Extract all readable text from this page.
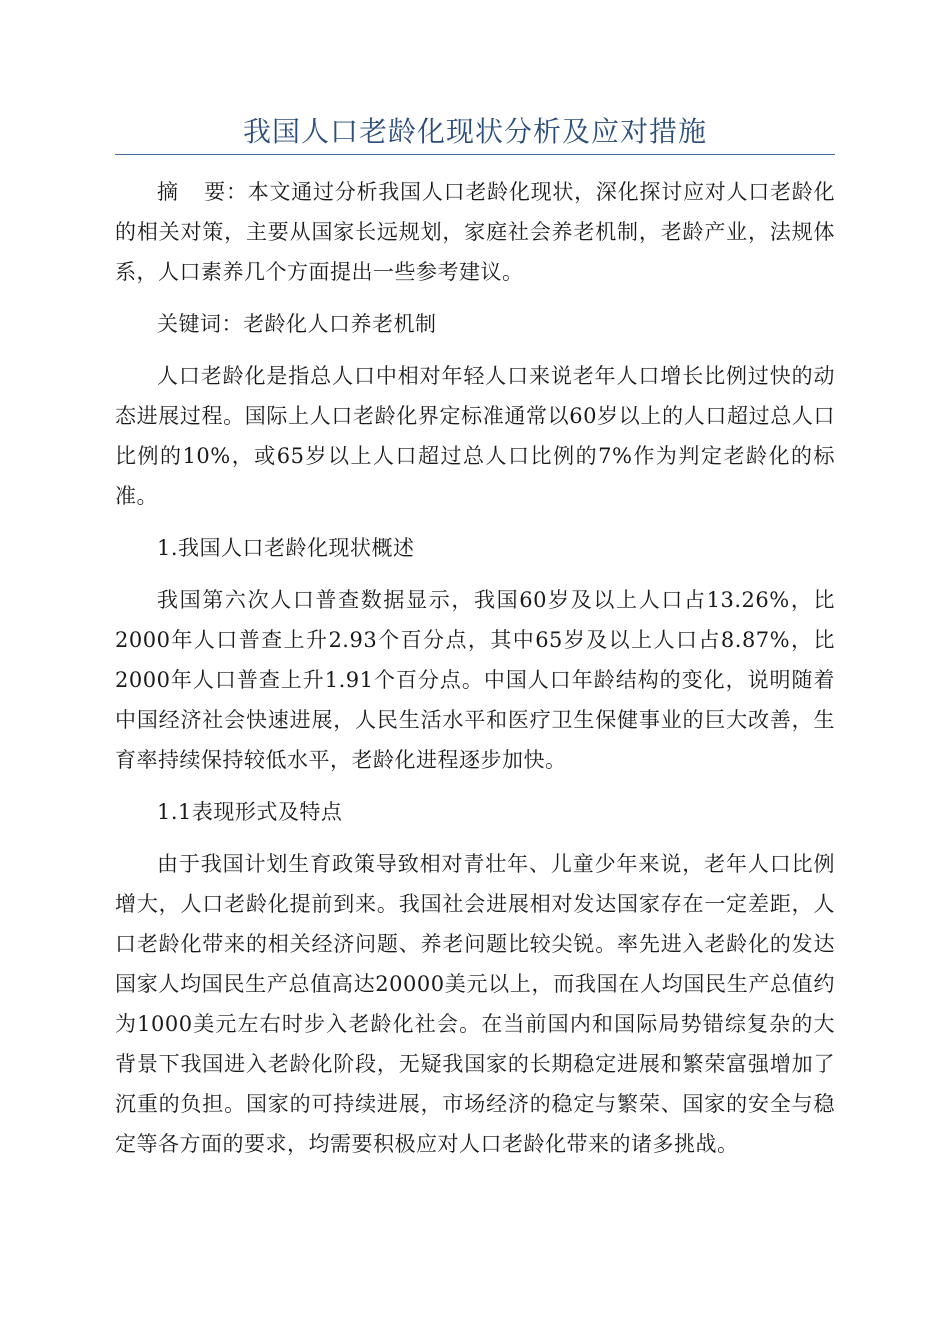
我国人口老龄化现状分析及应对措施

摘 要：本文通过分析我国人口老龄化现状，深化探讨应对人口老龄化的相关对策，主要从国家长远规划，家庭社会养老机制，老龄产业，法规体系，人口素养几个方面提出一些参考建议。

关键词：老龄化人口养老机制

人口老龄化是指总人口中相对年轻人口来说老年人口增长比例过快的动态进展过程。国际上人口老龄化界定标准通常以60岁以上的人口超过总人口比例的10%，或65岁以上人口超过总人口比例的7%作为判定老龄化的标准。

1.我国人口老龄化现状概述

我国第六次人口普查数据显示，我国60岁及以上人口占13.26%，比2000年人口普查上升2.93个百分点，其中65岁及以上人口占8.87%，比2000年人口普查上升1.91个百分点。中国人口年龄结构的变化，说明随着中国经济社会快速进展，人民生活水平和医疗卫生保健事业的巨大改善，生育率持续保持较低水平，老龄化进程逐步加快。

1.1表现形式及特点

由于我国计划生育政策导致相对青壮年、儿童少年来说，老年人口比例增大，人口老龄化提前到来。我国社会进展相对发达国家存在一定差距，人口老龄化带来的相关经济问题、养老问题比较尖锐。率先进入老龄化的发达国家人均国民生产总值高达20000美元以上，而我国在人均国民生产总值约为1000美元左右时步入老龄化社会。在当前国内和国际局势错综复杂的大背景下我国进入老龄化阶段，无疑我国家的长期稳定进展和繁荣富强增加了沉重的负担。国家的可持续进展，市场经济的稳定与繁荣、国家的安全与稳定等各方面的要求，均需要积极应对人口老龄化带来的诸多挑战。
